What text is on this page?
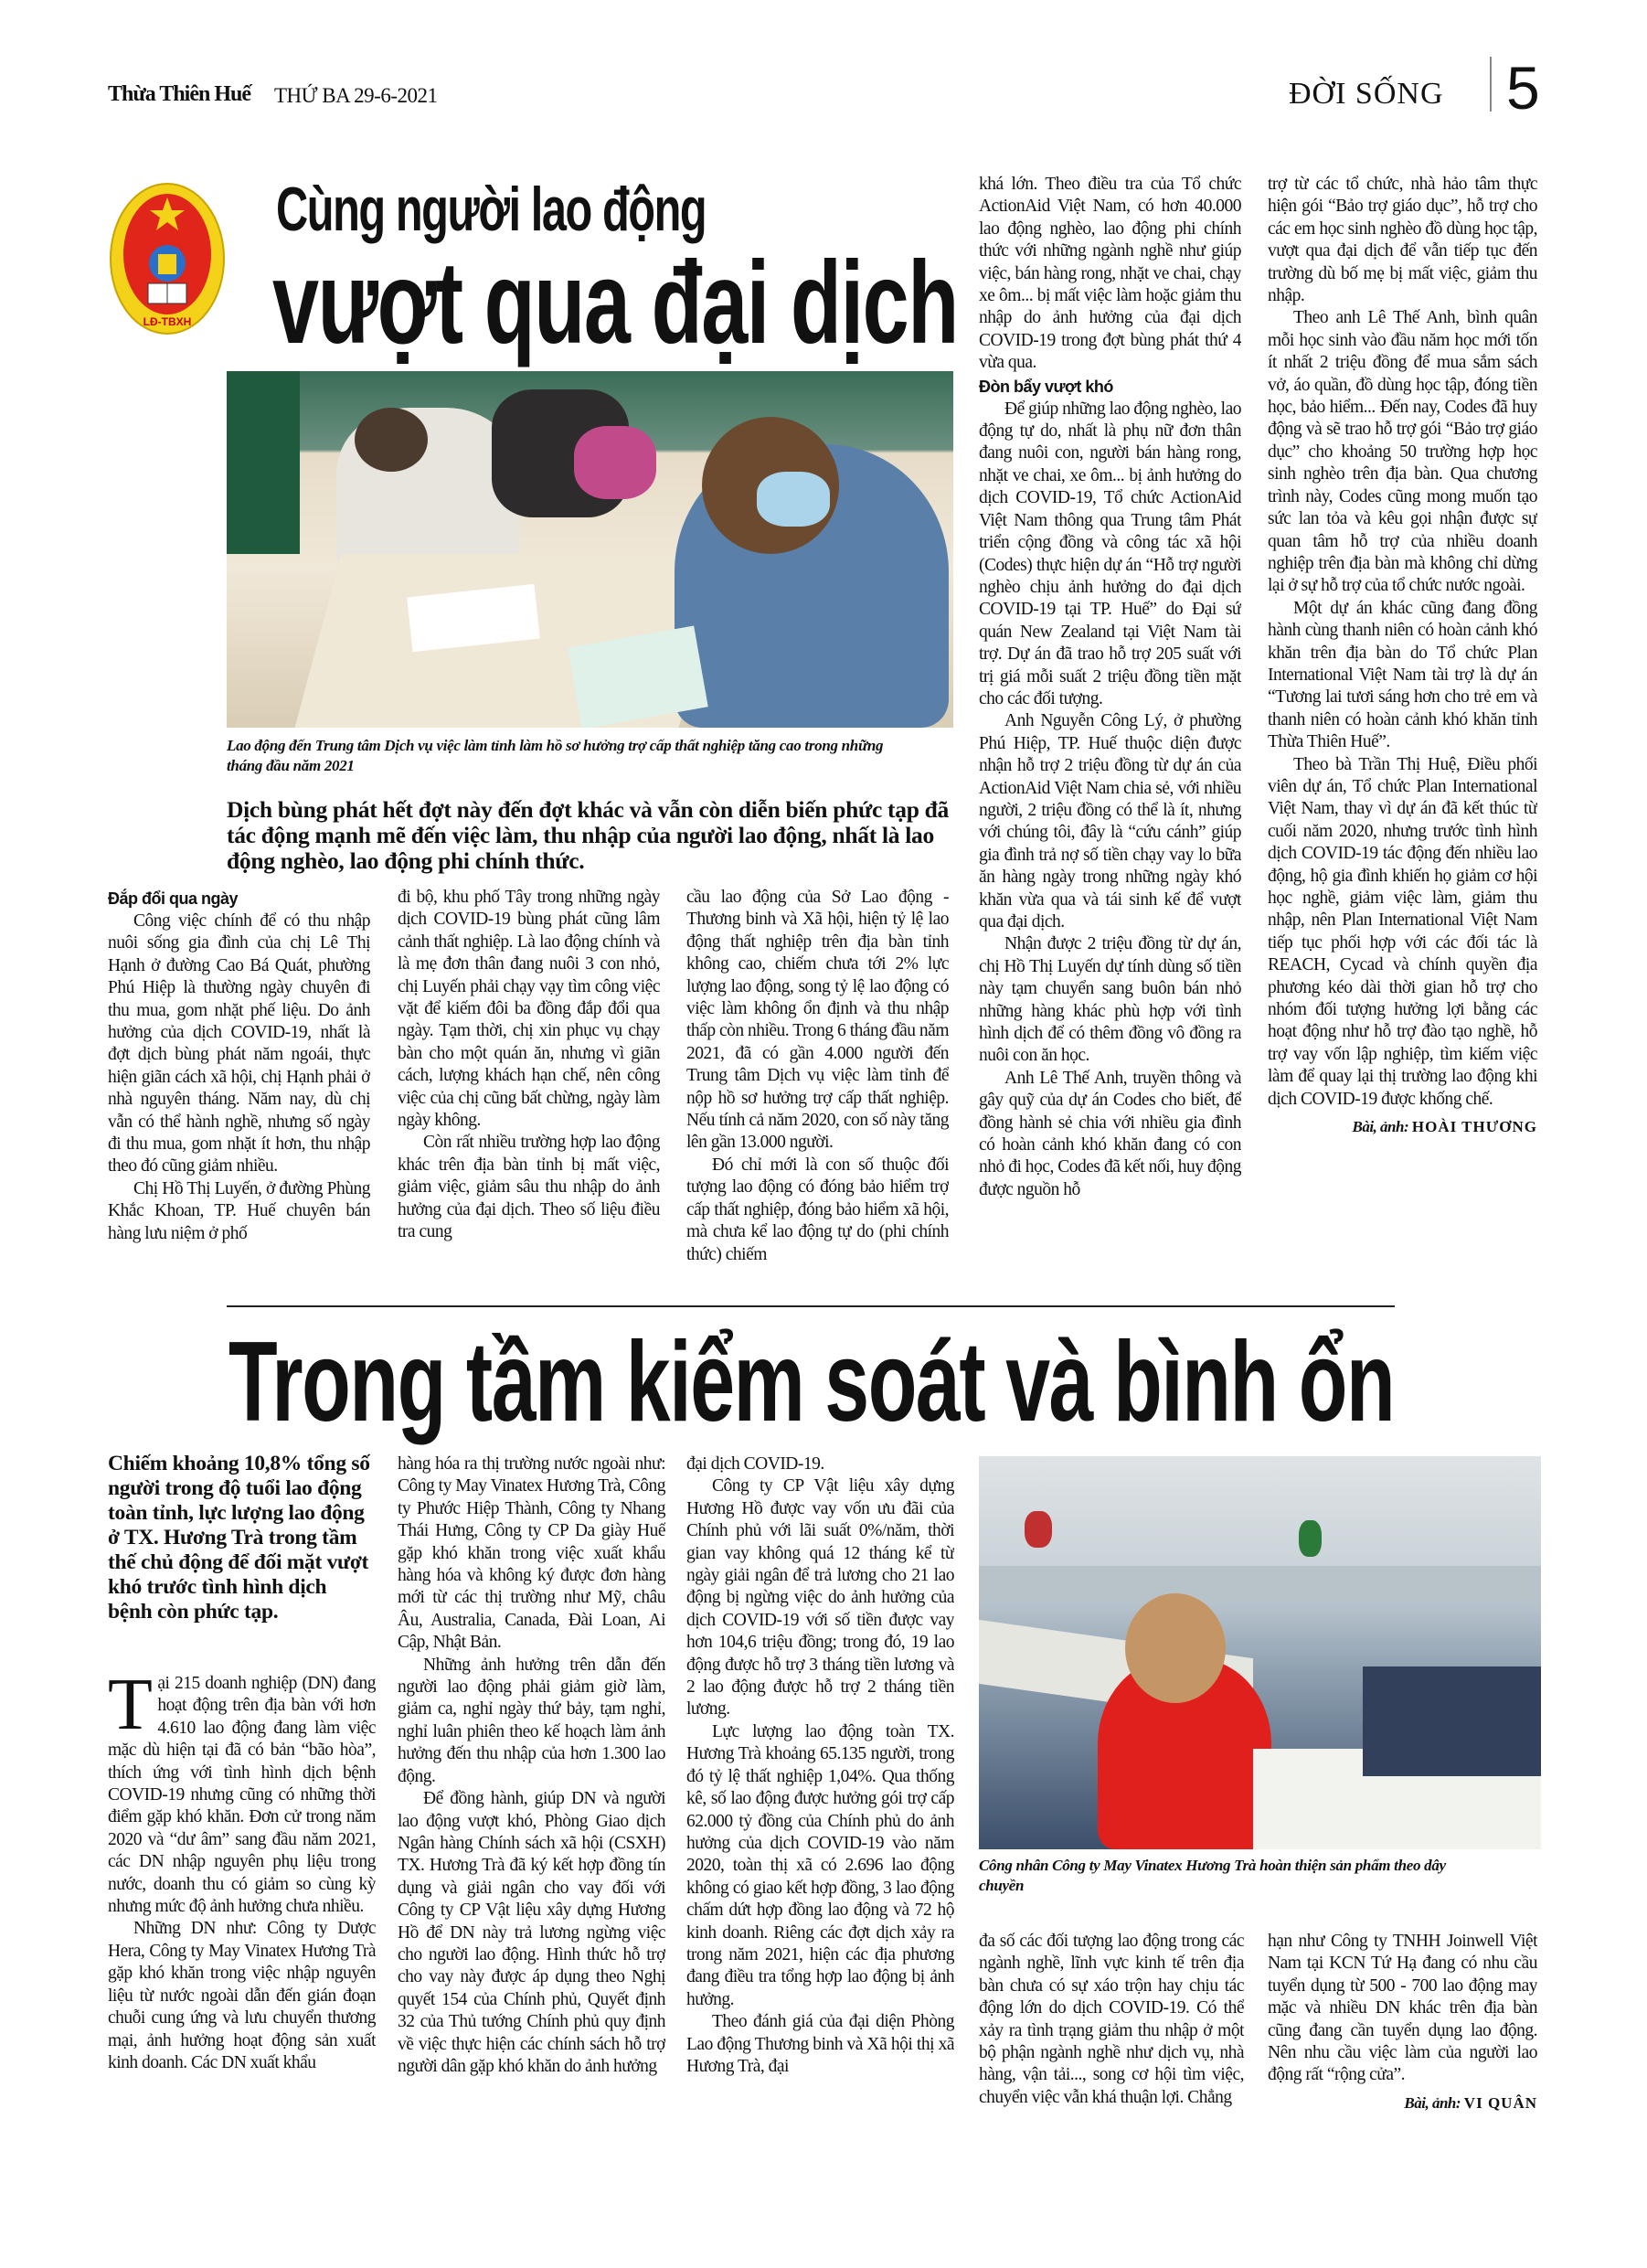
Thừa Thiên Huế THỨ BA 29-6-2021	ĐỜI SỐNG 5
LĐ-TBXH
Cùng người lao động
vượt qua đại dịch
Lao động đến Trung tâm Dịch vụ việc làm tỉnh làm hồ sơ hưởng trợ cấp thất nghiệp tăng cao trong những tháng đầu năm 2021
Dịch bùng phát hết đợt này đến đợt khác và vẫn còn diễn biến phức tạp đã tác động mạnh mẽ đến việc làm, thu nhập của người lao động, nhất là lao động nghèo, lao động phi chính thức.
Đắp đổi qua ngày

Công việc chính để có thu nhập nuôi sống gia đình của chị Lê Thị Hạnh ở đường Cao Bá Quát, phường Phú Hiệp là thường ngày chuyên đi thu mua, gom nhặt phế liệu. Do ảnh hưởng của dịch COVID-19, nhất là đợt dịch bùng phát năm ngoái, thực hiện giãn cách xã hội, chị Hạnh phải ở nhà nguyên tháng. Năm nay, dù chị vẫn có thể hành nghề, nhưng số ngày đi thu mua, gom nhặt ít hơn, thu nhập theo đó cũng giảm nhiều.

Chị Hồ Thị Luyến, ở đường Phùng Khắc Khoan, TP. Huế chuyên bán hàng lưu niệm ở phố

đi bộ, khu phố Tây trong những ngày dịch COVID-19 bùng phát cũng lâm cảnh thất nghiệp. Là lao động chính và là mẹ đơn thân đang nuôi 3 con nhỏ, chị Luyến phải chạy vạy tìm công việc vặt để kiếm đôi ba đồng đắp đổi qua ngày. Tạm thời, chị xin phục vụ chạy bàn cho một quán ăn, nhưng vì giãn cách, lượng khách hạn chế, nên công việc của chị cũng bất chừng, ngày làm ngày không.

Còn rất nhiều trường hợp lao động khác trên địa bàn tỉnh bị mất việc, giảm việc, giảm sâu thu nhập do ảnh hưởng của đại dịch. Theo số liệu điều tra cung

cầu lao động của Sở Lao động - Thương binh và Xã hội, hiện tỷ lệ lao động thất nghiệp trên địa bàn tỉnh không cao, chiếm chưa tới 2% lực lượng lao động, song tỷ lệ lao động có việc làm không ổn định và thu nhập thấp còn nhiều. Trong 6 tháng đầu năm 2021, đã có gần 4.000 người đến Trung tâm Dịch vụ việc làm tỉnh để nộp hồ sơ hưởng trợ cấp thất nghiệp. Nếu tính cả năm 2020, con số này tăng lên gần 13.000 người.

Đó chỉ mới là con số thuộc đối tượng lao động có đóng bảo hiểm trợ cấp thất nghiệp, đóng bảo hiểm xã hội, mà chưa kể lao động tự do (phi chính thức) chiếm

khá lớn. Theo điều tra của Tổ chức ActionAid Việt Nam, có hơn 40.000 lao động nghèo, lao động phi chính thức với những ngành nghề như giúp việc, bán hàng rong, nhặt ve chai, chạy xe ôm... bị mất việc làm hoặc giảm thu nhập do ảnh hưởng của đại dịch COVID-19 trong đợt bùng phát thứ 4 vừa qua.

Đòn bẩy vượt khó

Để giúp những lao động nghèo, lao động tự do, nhất là phụ nữ đơn thân đang nuôi con, người bán hàng rong, nhặt ve chai, xe ôm... bị ảnh hưởng do dịch COVID-19, Tổ chức ActionAid Việt Nam thông qua Trung tâm Phát triển cộng đồng và công tác xã hội (Codes) thực hiện dự án “Hỗ trợ người nghèo chịu ảnh hưởng do đại dịch COVID-19 tại TP. Huế” do Đại sứ quán New Zealand tại Việt Nam tài trợ. Dự án đã trao hỗ trợ 205 suất với trị giá mỗi suất 2 triệu đồng tiền mặt cho các đối tượng.

Anh Nguyễn Công Lý, ở phường Phú Hiệp, TP. Huế thuộc diện được nhận hỗ trợ 2 triệu đồng từ dự án của ActionAid Việt Nam chia sẻ, với nhiều người, 2 triệu đồng có thể là ít, nhưng với chúng tôi, đây là “cứu cánh” giúp gia đình trả nợ số tiền chạy vay lo bữa ăn hàng ngày trong những ngày khó khăn vừa qua và tái sinh kế để vượt qua đại dịch.

Nhận được 2 triệu đồng từ dự án, chị Hồ Thị Luyến dự tính dùng số tiền này tạm chuyển sang buôn bán nhỏ những hàng khác phù hợp với tình hình dịch để có thêm đồng vô đồng ra nuôi con ăn học.

Anh Lê Thế Anh, truyền thông và gây quỹ của dự án Codes cho biết, để đồng hành sẻ chia với nhiều gia đình có hoàn cảnh khó khăn đang có con nhỏ đi học, Codes đã kết nối, huy động được nguồn hỗ

trợ từ các tổ chức, nhà hảo tâm thực hiện gói “Bảo trợ giáo dục”, hỗ trợ cho các em học sinh nghèo đồ dùng học tập, vượt qua đại dịch để vẫn tiếp tục đến trường dù bố mẹ bị mất việc, giảm thu nhập.

Theo anh Lê Thế Anh, bình quân mỗi học sinh vào đầu năm học mới tốn ít nhất 2 triệu đồng để mua sắm sách vở, áo quần, đồ dùng học tập, đóng tiền học, bảo hiểm... Đến nay, Codes đã huy động và sẽ trao hỗ trợ gói “Bảo trợ giáo dục” cho khoảng 50 trường hợp học sinh nghèo trên địa bàn. Qua chương trình này, Codes cũng mong muốn tạo sức lan tỏa và kêu gọi nhận được sự quan tâm hỗ trợ của nhiều doanh nghiệp trên địa bàn mà không chỉ dừng lại ở sự hỗ trợ của tổ chức nước ngoài.

Một dự án khác cũng đang đồng hành cùng thanh niên có hoàn cảnh khó khăn trên địa bàn do Tổ chức Plan International Việt Nam tài trợ là dự án “Tương lai tươi sáng hơn cho trẻ em và thanh niên có hoàn cảnh khó khăn tỉnh Thừa Thiên Huế”.

Theo bà Trần Thị Huệ, Điều phối viên dự án, Tổ chức Plan International Việt Nam, thay vì dự án đã kết thúc từ cuối năm 2020, nhưng trước tình hình dịch COVID-19 tác động đến nhiều lao động, hộ gia đình khiến họ giảm cơ hội học nghề, giảm việc làm, giảm thu nhập, nên Plan International Việt Nam tiếp tục phối hợp với các đối tác là REACH, Cycad và chính quyền địa phương kéo dài thời gian hỗ trợ cho nhóm đối tượng hưởng lợi bằng các hoạt động như hỗ trợ đào tạo nghề, hỗ trợ vay vốn lập nghiệp, tìm kiếm việc làm để quay lại thị trường lao động khi dịch COVID-19 được khống chế.

Bài, ảnh: HOÀI THƯƠNG
Trong tầm kiểm soát và bình ổn
Chiếm khoảng 10,8% tổng số người trong độ tuổi lao động toàn tỉnh, lực lượng lao động ở TX. Hương Trà trong tầm thế chủ động để đối mặt vượt khó trước tình hình dịch bệnh còn phức tạp.
Công nhân Công ty May Vinatex Hương Trà hoàn thiện sản phẩm theo dây chuyền

Tại 215 doanh nghiệp (DN) đang hoạt động trên địa bàn với hơn 4.610 lao động đang làm việc mặc dù hiện tại đã có bản “bão hòa”, thích ứng với tình hình dịch bệnh COVID-19 nhưng cũng có những thời điểm gặp khó khăn. Đơn cử trong năm 2020 và “dư âm” sang đầu năm 2021, các DN nhập nguyên phụ liệu trong nước, doanh thu có giảm so cùng kỳ nhưng mức độ ảnh hưởng chưa nhiều.

Những DN như: Công ty Dược Hera, Công ty May Vinatex Hương Trà gặp khó khăn trong việc nhập nguyên liệu từ nước ngoài dẫn đến gián đoạn chuỗi cung ứng và lưu chuyển thương mại, ảnh hưởng hoạt động sản xuất kinh doanh. Các DN xuất khẩu

hàng hóa ra thị trường nước ngoài như: Công ty May Vinatex Hương Trà, Công ty Phước Hiệp Thành, Công ty Nhang Thái Hưng, Công ty CP Da giày Huế gặp khó khăn trong việc xuất khẩu hàng hóa và không ký được đơn hàng mới từ các thị trường như Mỹ, châu Âu, Australia, Canada, Đài Loan, Ai Cập, Nhật Bản.

Những ảnh hưởng trên dẫn đến người lao động phải giảm giờ làm, giảm ca, nghỉ ngày thứ bảy, tạm nghỉ, nghỉ luân phiên theo kế hoạch làm ảnh hưởng đến thu nhập của hơn 1.300 lao động.

Để đồng hành, giúp DN và người lao động vượt khó, Phòng Giao dịch Ngân hàng Chính sách xã hội (CSXH) TX. Hương Trà đã ký kết hợp đồng tín dụng và giải ngân cho vay đối với Công ty CP Vật liệu xây dựng Hương Hồ để DN này trả lương ngừng việc cho người lao động. Hình thức hỗ trợ cho vay này được áp dụng theo Nghị quyết 154 của Chính phủ, Quyết định 32 của Thủ tướng Chính phủ quy định về việc thực hiện các chính sách hỗ trợ người dân gặp khó khăn do ảnh hưởng

đại dịch COVID-19.

Công ty CP Vật liệu xây dựng Hương Hồ được vay vốn ưu đãi của Chính phủ với lãi suất 0%/năm, thời gian vay không quá 12 tháng kể từ ngày giải ngân để trả lương cho 21 lao động bị ngừng việc do ảnh hưởng của dịch COVID-19 với số tiền được vay hơn 104,6 triệu đồng; trong đó, 19 lao động được hỗ trợ 3 tháng tiền lương và 2 lao động được hỗ trợ 2 tháng tiền lương.

Lực lượng lao động toàn TX. Hương Trà khoảng 65.135 người, trong đó tỷ lệ thất nghiệp 1,04%. Qua thống kê, số lao động được hưởng gói trợ cấp 62.000 tỷ đồng của Chính phủ do ảnh hưởng của dịch COVID-19 vào năm 2020, toàn thị xã có 2.696 lao động không có giao kết hợp đồng, 3 lao động chấm dứt hợp đồng lao động và 72 hộ kinh doanh. Riêng các đợt dịch xảy ra trong năm 2021, hiện các địa phương đang điều tra tổng hợp lao động bị ảnh hưởng.

Theo đánh giá của đại diện Phòng Lao động Thương binh và Xã hội thị xã Hương Trà, đại

đa số các đối tượng lao động trong các ngành nghề, lĩnh vực kinh tế trên địa bàn chưa có sự xáo trộn hay chịu tác động lớn do dịch COVID-19. Có thể xảy ra tình trạng giảm thu nhập ở một bộ phận ngành nghề như dịch vụ, nhà hàng, vận tải..., song cơ hội tìm việc, chuyển việc vẫn khá thuận lợi. Chẳng

hạn như Công ty TNHH Joinwell Việt Nam tại KCN Tứ Hạ đang có nhu cầu tuyển dụng từ 500 - 700 lao động may mặc và nhiều DN khác trên địa bàn cũng đang cần tuyển dụng lao động. Nên nhu cầu việc làm của người lao động rất “rộng cửa”.

Bài, ảnh: VI QUÂN
